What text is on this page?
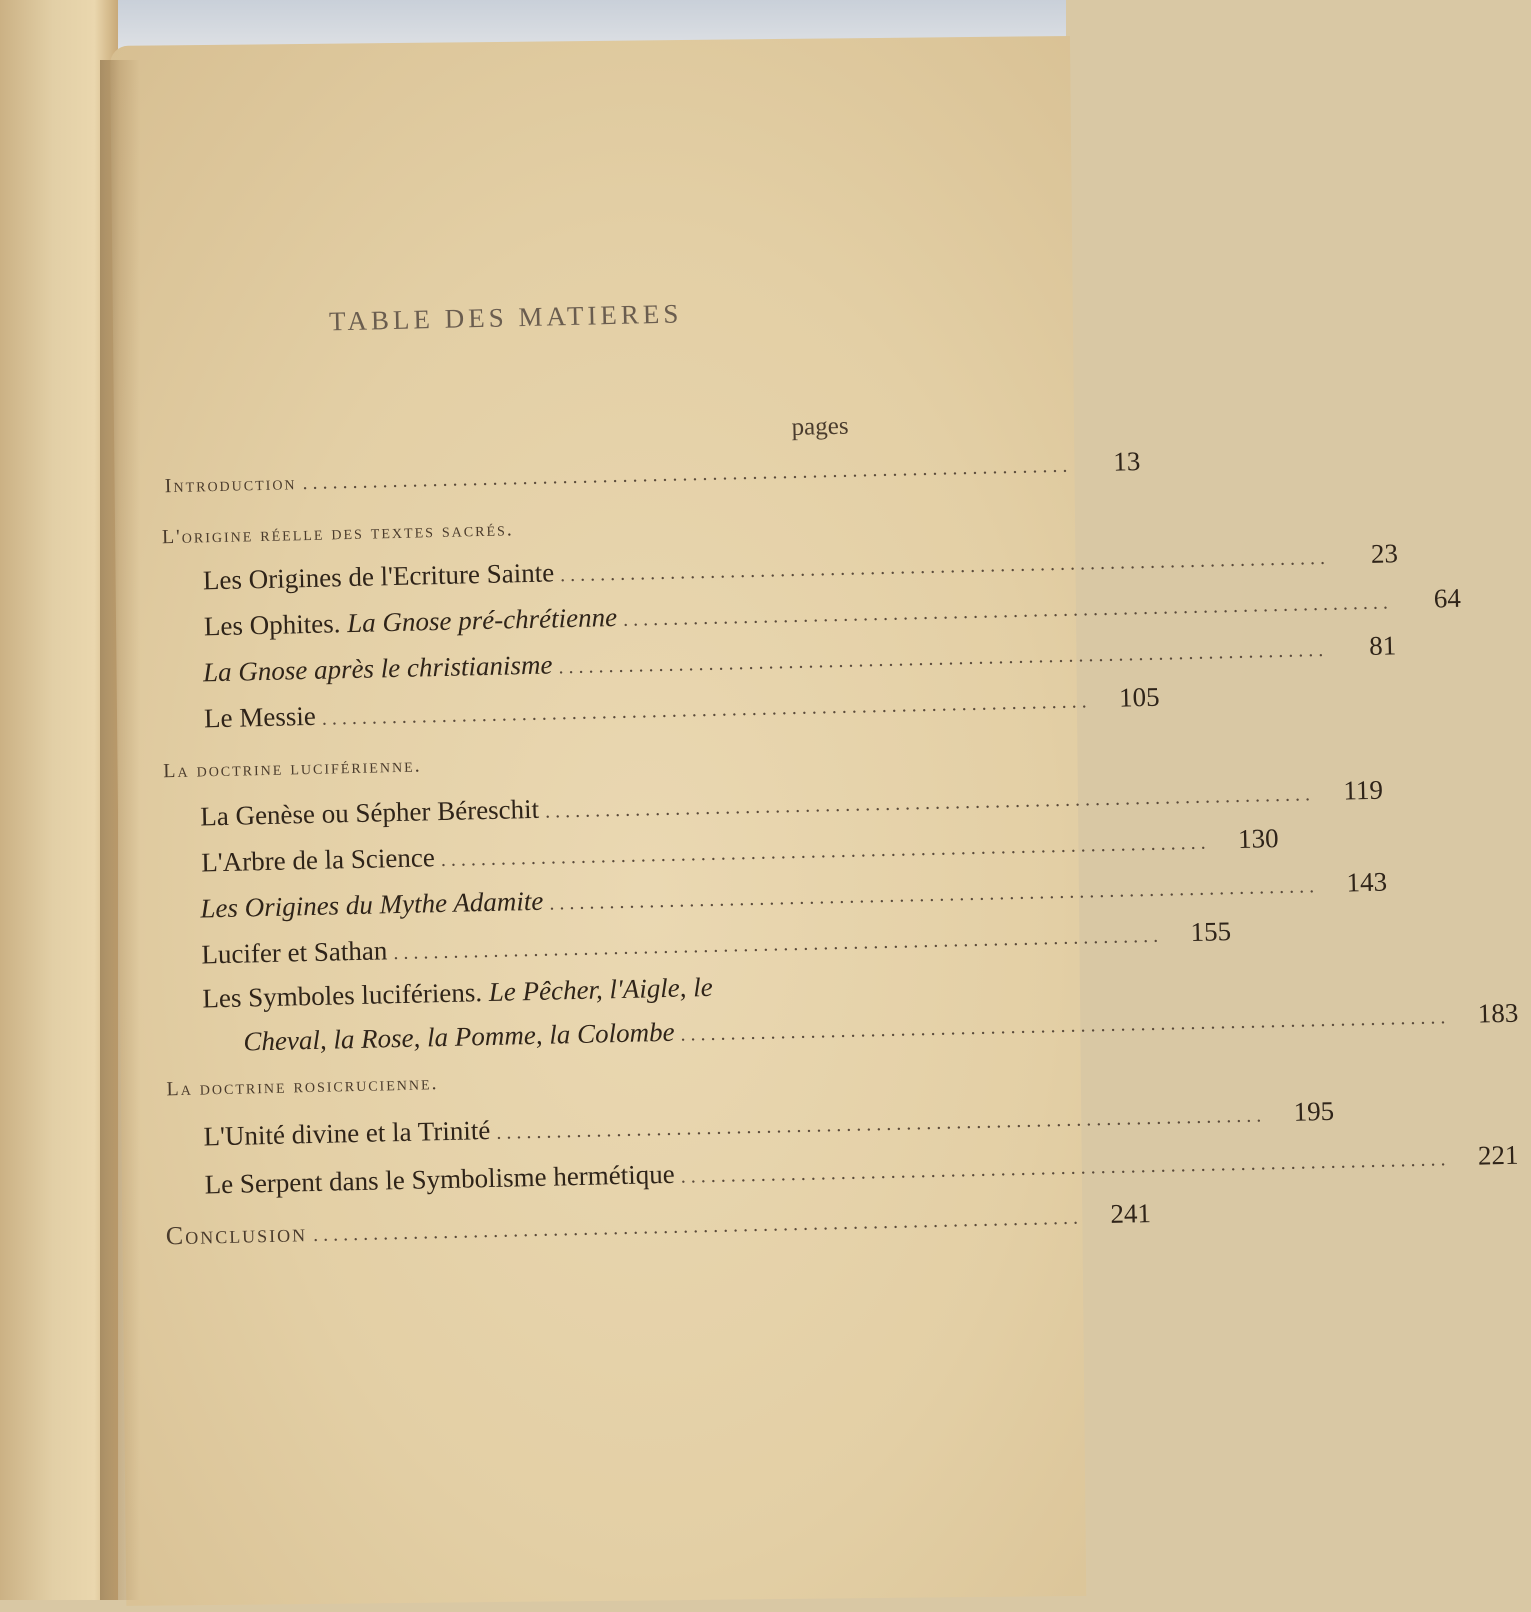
TABLE DES MATIERES
pages
Introduction .............................................................................	13
L'origine réelle des textes sacrés.
Les Origines de l'Ecriture Sainte .............................................................................	23
Les Ophites. La Gnose pré-chrétienne .............................................................................	64
La Gnose après le christianisme .............................................................................	81
Le Messie ............................................................................. 105
La doctrine luciférienne.
La Genèse ou Sépher Béreschit .............................................................................	119
L'Arbre de la Science ............................................................................. 130
Les Origines du Mythe Adamite ............................................................................. 143
Lucifer et Sathan ............................................................................. 155
Les Symboles lucifériens. Le Pêcher, l'Aigle, le
Cheval, la Rose, la Pomme, la Colombe ............................................................................. 183
La doctrine rosicrucienne.
L'Unité divine et la Trinité ............................................................................. 195
Le Serpent dans le Symbolisme hermétique ............................................................................. 221
Conclusion ............................................................................. 241
